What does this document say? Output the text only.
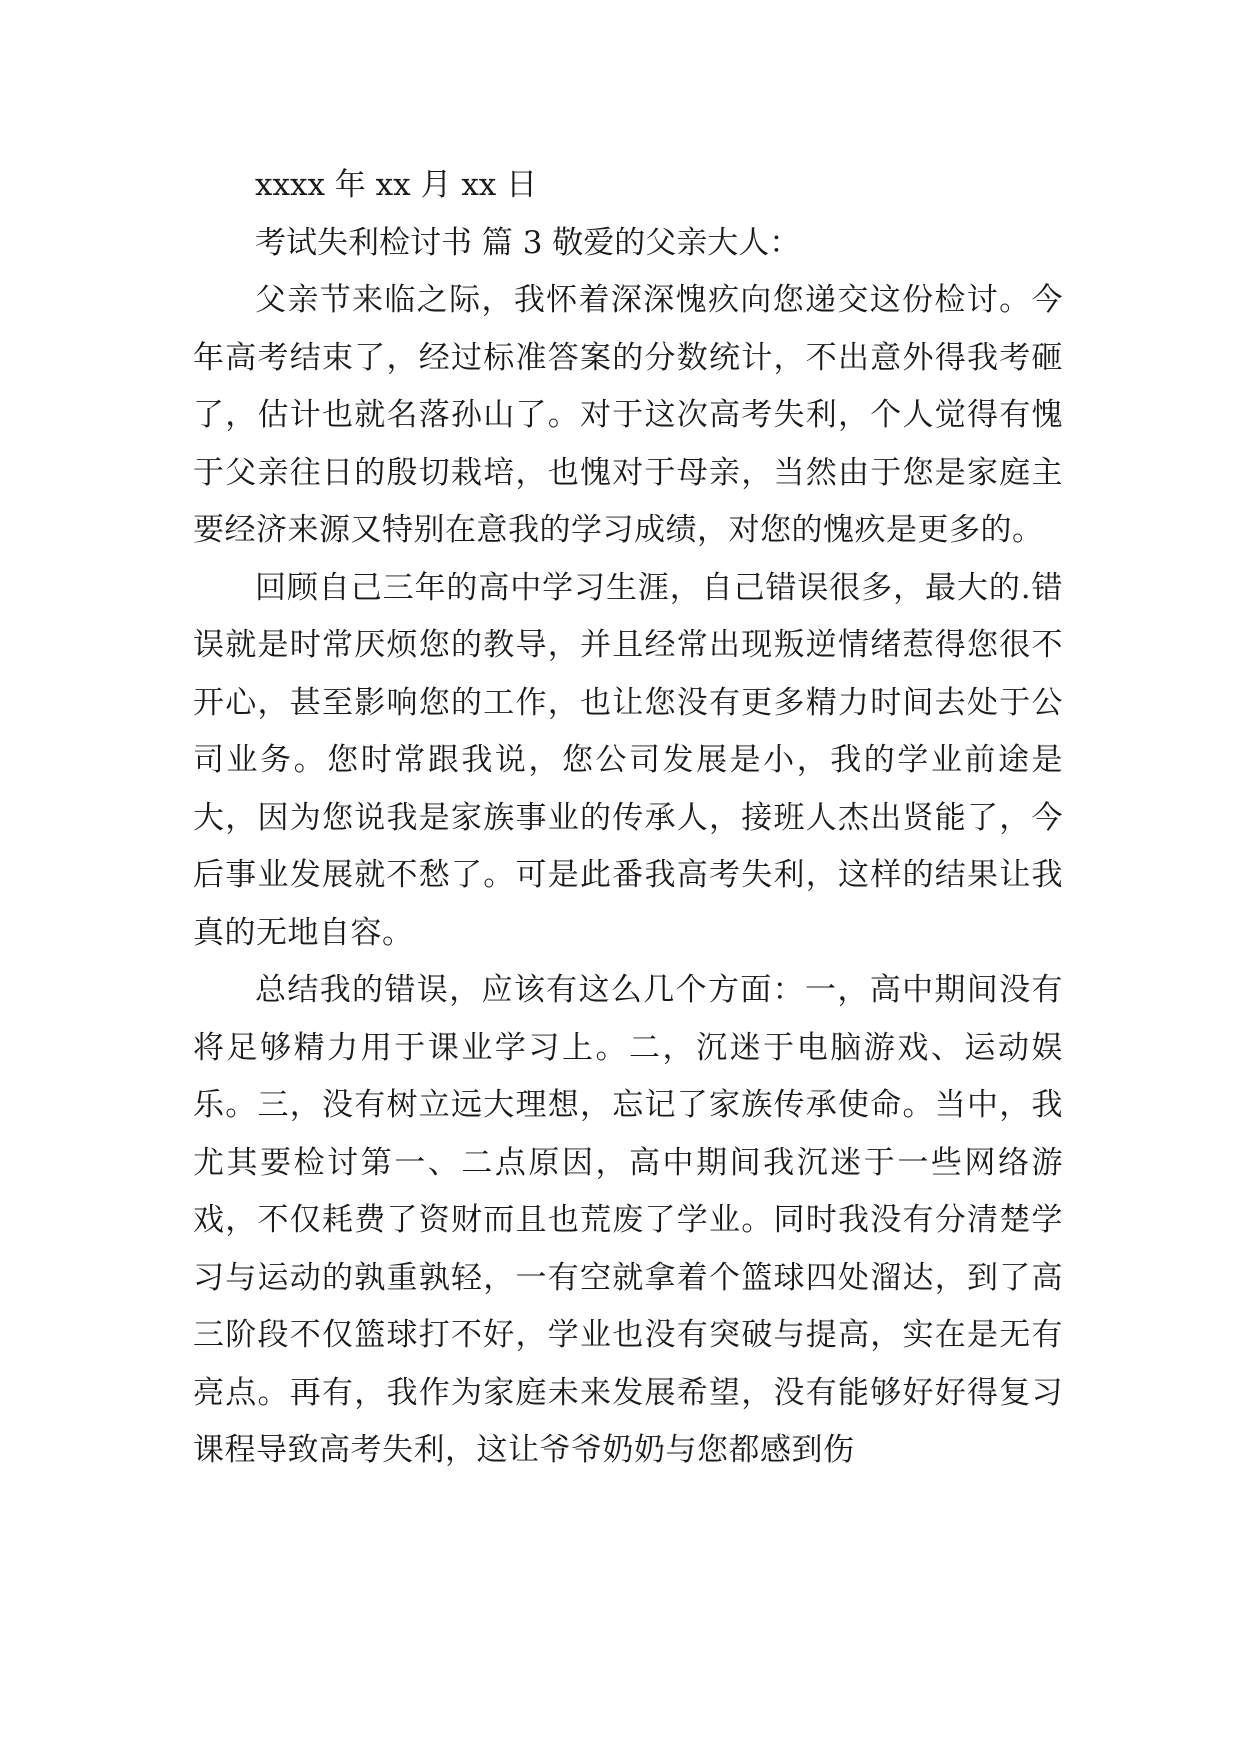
xxxx 年 xx 月 xx 日

考试失利检讨书 篇 3 敬爱的父亲大人：

父亲节来临之际，我怀着深深愧疚向您递交这份检讨。今年高考结束了，经过标准答案的分数统计，不出意外得我考砸了，估计也就名落孙山了。对于这次高考失利，个人觉得有愧于父亲往日的殷切栽培，也愧对于母亲，当然由于您是家庭主要经济来源又特别在意我的学习成绩，对您的愧疚是更多的。

回顾自己三年的高中学习生涯，自己错误很多，最大的.错误就是时常厌烦您的教导，并且经常出现叛逆情绪惹得您很不开心，甚至影响您的工作，也让您没有更多精力时间去处于公司业务。您时常跟我说，您公司发展是小，我的学业前途是大，因为您说我是家族事业的传承人，接班人杰出贤能了，今后事业发展就不愁了。可是此番我高考失利，这样的结果让我真的无地自容。

总结我的错误，应该有这么几个方面：一，高中期间没有将足够精力用于课业学习上。二，沉迷于电脑游戏、运动娱乐。三，没有树立远大理想，忘记了家族传承使命。当中，我尤其要检讨第一、二点原因，高中期间我沉迷于一些网络游戏，不仅耗费了资财而且也荒废了学业。同时我没有分清楚学习与运动的孰重孰轻，一有空就拿着个篮球四处溜达，到了高三阶段不仅篮球打不好，学业也没有突破与提高，实在是无有亮点。再有，我作为家庭未来发展希望，没有能够好好得复习课程导致高考失利，这让爷爷奶奶与您都感到伤
